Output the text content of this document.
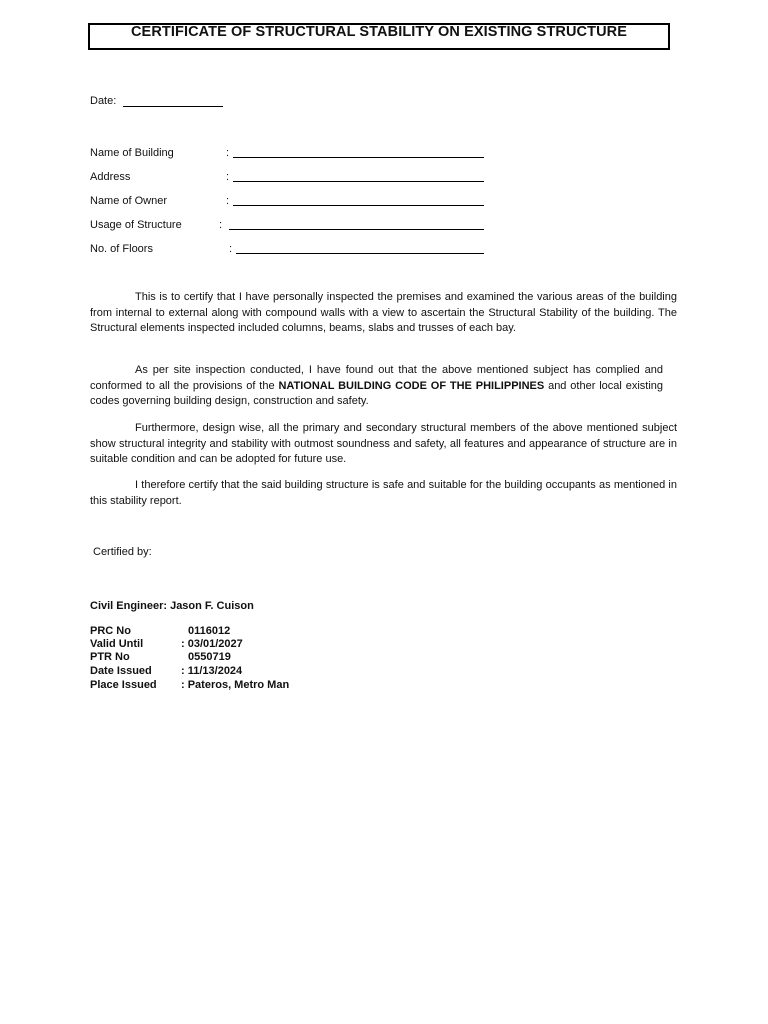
CERTIFICATE OF STRUCTURAL STABILITY ON EXISTING STRUCTURE
Date:
Name of Building	:
Address	:
Name of Owner	:
Usage of Structure	:
No. of Floors	:

This is to certify that I have personally inspected the premises and examined the various areas of the building from internal to external along with compound walls with a view to ascertain the Structural Stability of the building. The Structural elements inspected included columns, beams, slabs and trusses of each bay.

As per site inspection conducted, I have found out that the above mentioned subject has complied and conformed to all the provisions of the NATIONAL BUILDING CODE OF THE PHILIPPINES and other local existing codes governing building design, construction and safety.

Furthermore, design wise, all the primary and secondary structural members of the above mentioned subject show structural integrity and stability with outmost soundness and safety, all features and appearance of structure are in suitable condition and can be adopted for future use.

I therefore certify that the said building structure is safe and suitable for the building occupants as mentioned in this stability report.

Certified by:
Civil Engineer: Jason F. Cuison
PRC No	0116012
Valid Until	: 03/01/2027
PTR No	0550719
Date Issued	: 11/13/2024
Place Issued : Pateros, Metro Man
